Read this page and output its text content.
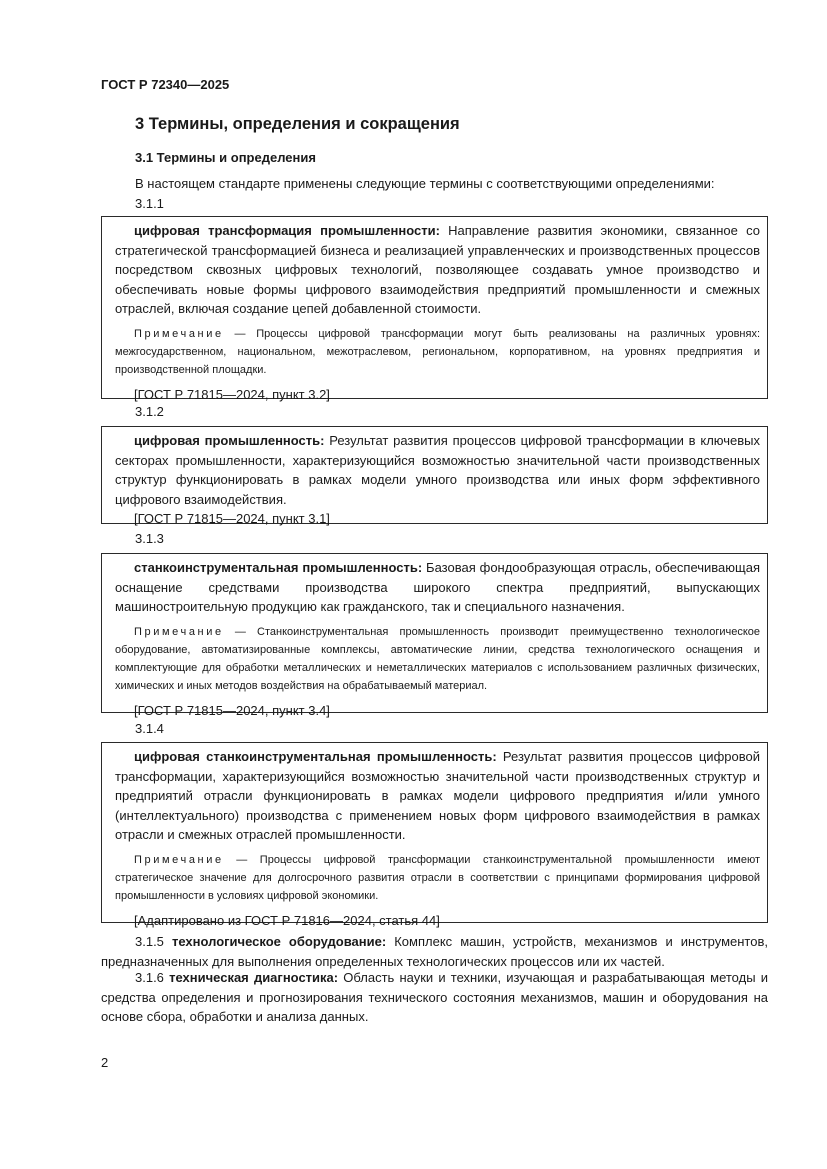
ГОСТ Р 72340—2025
3 Термины, определения и сокращения
3.1 Термины и определения
В настоящем стандарте применены следующие термины с соответствующими определениями:
3.1.1

цифровая трансформация промышленности: Направление развития экономики, связанное со стратегической трансформацией бизнеса и реализацией управленческих и производственных процессов посредством сквозных цифровых технологий, позволяющее создавать умное производство и обеспечивать новые формы цифрового взаимодействия предприятий промышленности и смежных отраслей, включая создание цепей добавленной стоимости.

Примечание — Процессы цифровой трансформации могут быть реализованы на различных уровнях: межгосударственном, национальном, межотраслевом, региональном, корпоративном, на уровнях предприятия и производственной площадки.

[ГОСТ Р 71815—2024, пункт 3.2]
3.1.2

цифровая промышленность: Результат развития процессов цифровой трансформации в ключевых секторах промышленности, характеризующийся возможностью значительной части производственных структур функционировать в рамках модели умного производства или иных форм эффективного цифрового взаимодействия.

[ГОСТ Р 71815—2024, пункт 3.1]
3.1.3

станкоинструментальная промышленность: Базовая фондообразующая отрасль, обеспечивающая оснащение средствами производства широкого спектра предприятий, выпускающих машиностроительную продукцию как гражданского, так и специального назначения.

Примечание — Станкоинструментальная промышленность производит преимущественно технологическое оборудование, автоматизированные комплексы, автоматические линии, средства технологического оснащения и комплектующие для обработки металлических и неметаллических материалов с использованием различных физических, химических и иных методов воздействия на обрабатываемый материал.

[ГОСТ Р 71815—2024, пункт 3.4]
3.1.4

цифровая станкоинструментальная промышленность: Результат развития процессов цифровой трансформации, характеризующийся возможностью значительной части производственных структур и предприятий отрасли функционировать в рамках модели цифрового предприятия и/или умного (интеллектуального) производства с применением новых форм цифрового взаимодействия в рамках отрасли и смежных отраслей промышленности.

Примечание — Процессы цифровой трансформации станкоинструментальной промышленности имеют стратегическое значение для долгосрочного развития отрасли в соответствии с принципами формирования цифровой промышленности в условиях цифровой экономики.

[Адаптировано из ГОСТ Р 71816—2024, статья 44]

3.1.5 технологическое оборудование: Комплекс машин, устройств, механизмов и инструментов, предназначенных для выполнения определенных технологических процессов или их частей.

3.1.6 техническая диагностика: Область науки и техники, изучающая и разрабатывающая методы и средства определения и прогнозирования технического состояния механизмов, машин и оборудования на основе сбора, обработки и анализа данных.

2
